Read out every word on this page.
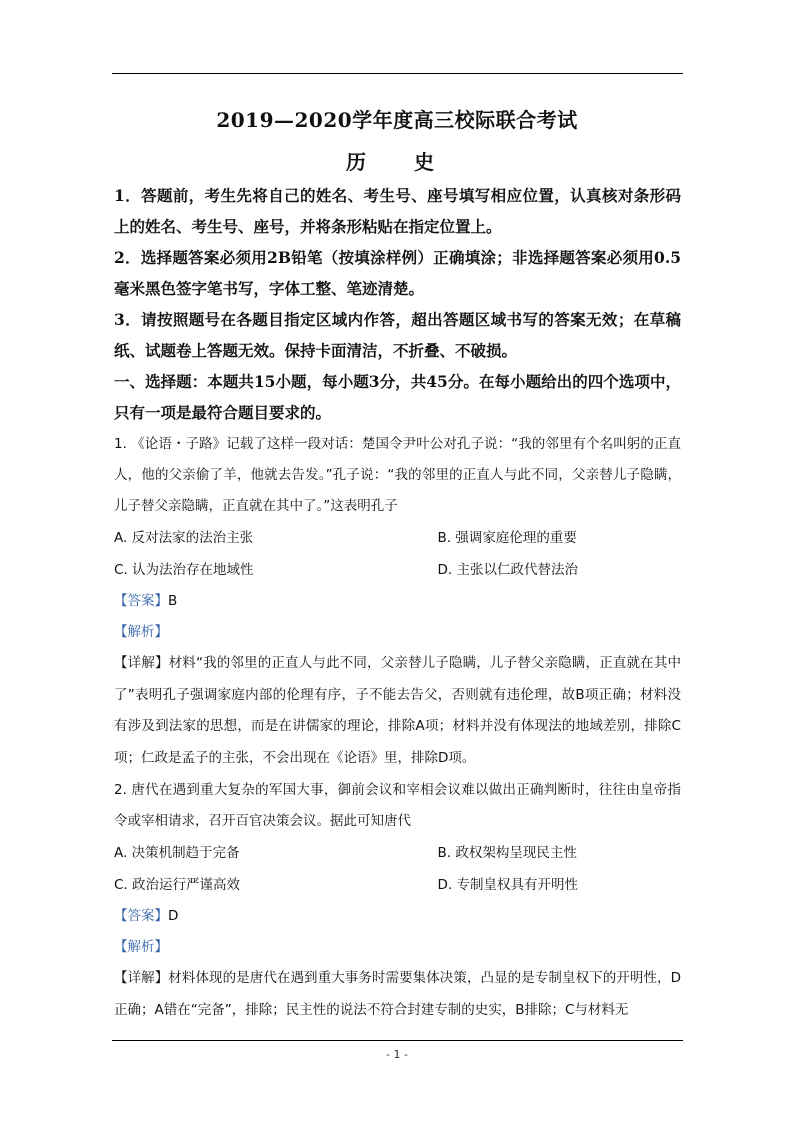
2019—2020学年度高三校际联合考试
历　史

1．答题前，考生先将自己的姓名、考生号、座号填写相应位置，认真核对条形码上的姓名、考生号、座号，并将条形粘贴在指定位置上。

2．选择题答案必须用2B铅笔（按填涂样例）正确填涂；非选择题答案必须用0.5毫米黑色签字笔书写，字体工整、笔迹清楚。

3．请按照题号在各题目指定区域内作答，超出答题区域书写的答案无效；在草稿纸、试题卷上答题无效。保持卡面清洁，不折叠、不破损。

一、选择题：本题共15小题，每小题3分，共45分。在每小题给出的四个选项中，只有一项是最符合题目要求的。

1. 《论语・子路》记载了这样一段对话：楚国令尹叶公对孔子说：“我的邻里有个名叫躬的正直人，他的父亲偷了羊，他就去告发。”孔子说：“我的邻里的正直人与此不同，父亲替儿子隐瞒，儿子替父亲隐瞒，正直就在其中了。”这表明孔子

A. 反对法家的法治主张	B. 强调家庭伦理的重要
C. 认为法治存在地域性	D. 主张以仁政代替法治

【答案】B

【解析】

【详解】材料“我的邻里的正直人与此不同，父亲替儿子隐瞒，儿子替父亲隐瞒，正直就在其中了”表明孔子强调家庭内部的伦理有序，子不能去告父，否则就有违伦理，故B项正确；材料没有涉及到法家的思想，而是在讲儒家的理论，排除A项；材料并没有体现法的地域差别，排除C项；仁政是孟子的主张，不会出现在《论语》里，排除D项。

2. 唐代在遇到重大复杂的军国大事，御前会议和宰相会议难以做出正确判断时，往往由皇帝指令或宰相请求，召开百官决策会议。据此可知唐代

A. 决策机制趋于完备	B. 政权架构呈现民主性
C. 政治运行严谨高效	D. 专制皇权具有开明性

【答案】D

【解析】

【详解】材料体现的是唐代在遇到重大事务时需要集体决策，凸显的是专制皇权下的开明性，D正确；A错在“完备”，排除；民主性的说法不符合封建专制的史实，B排除；C与材料无

- 1 -
